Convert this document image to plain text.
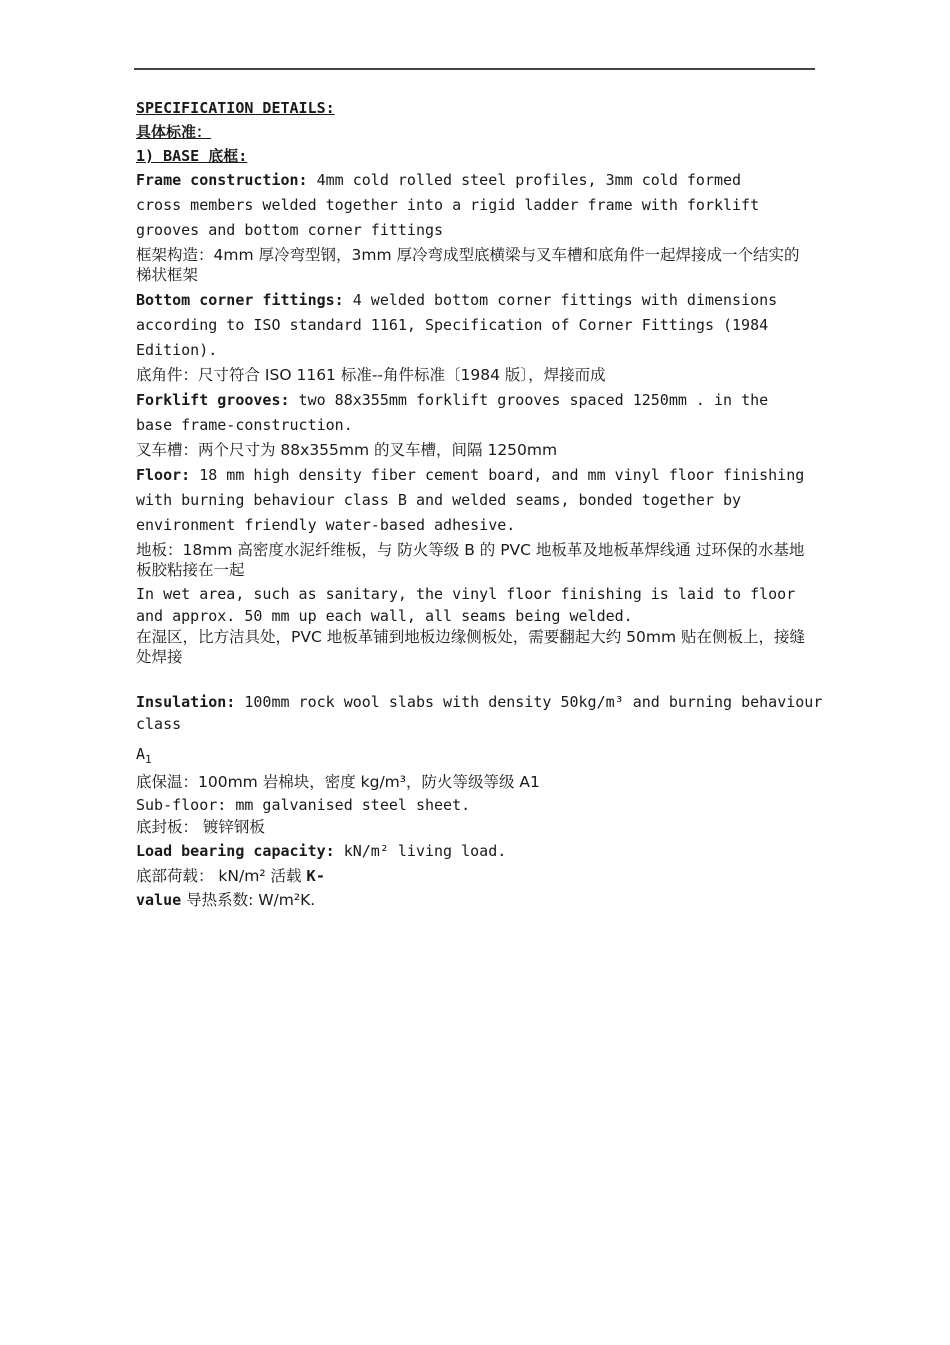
SPECIFICATION DETAILS:
具体标准：
1) BASE 底框:
Frame construction: 4mm cold rolled steel profiles, 3mm cold formed
cross members welded together into a rigid ladder frame with forklift
grooves and bottom corner fittings
框架构造：4mm 厚冷弯型钢，3mm 厚冷弯成型底横梁与叉车槽和底角件一起焊接成一个结实的梯状框架
Bottom corner fittings: 4 welded bottom corner fittings with dimensions
according to ISO standard 1161, Specification of Corner Fittings (1984
Edition).
底角件：尺寸符合 ISO 1161 标准--角件标准〔1984 版〕，焊接而成
Forklift grooves: two 88x355mm forklift grooves spaced 1250mm . in the
base frame-construction.
叉车槽：两个尺寸为 88x355mm 的叉车槽，间隔 1250mm
Floor: 18 mm high density fiber cement board, and mm vinyl floor finishing
with burning behaviour class B and welded seams, bonded together by
environment friendly water-based adhesive.
地板：18mm 高密度水泥纤维板，与 防火等级 B 的 PVC 地板革及地板革焊线通 过环保的水基地板胶粘接在一起
In wet area, such as sanitary, the vinyl floor finishing is laid to floor
and approx. 50 mm up each wall, all seams being welded.
在湿区，比方洁具处，PVC 地板革铺到地板边缘侧板处，需要翻起大约 50mm 贴在侧板上，接缝处焊接
Insulation: 100mm rock wool slabs with density 50kg/m³ and burning behaviour
class
$A_1$
底保温：100mm 岩棉块，密度 kg/m³，防火等级等级 A1
Sub-floor: mm galvanised steel sheet.
底封板： 镀锌钢板
Load bearing capacity: kN/m² living load.
底部荷载： kN/m² 活载 K-
value 导热系数: W/m²K.
